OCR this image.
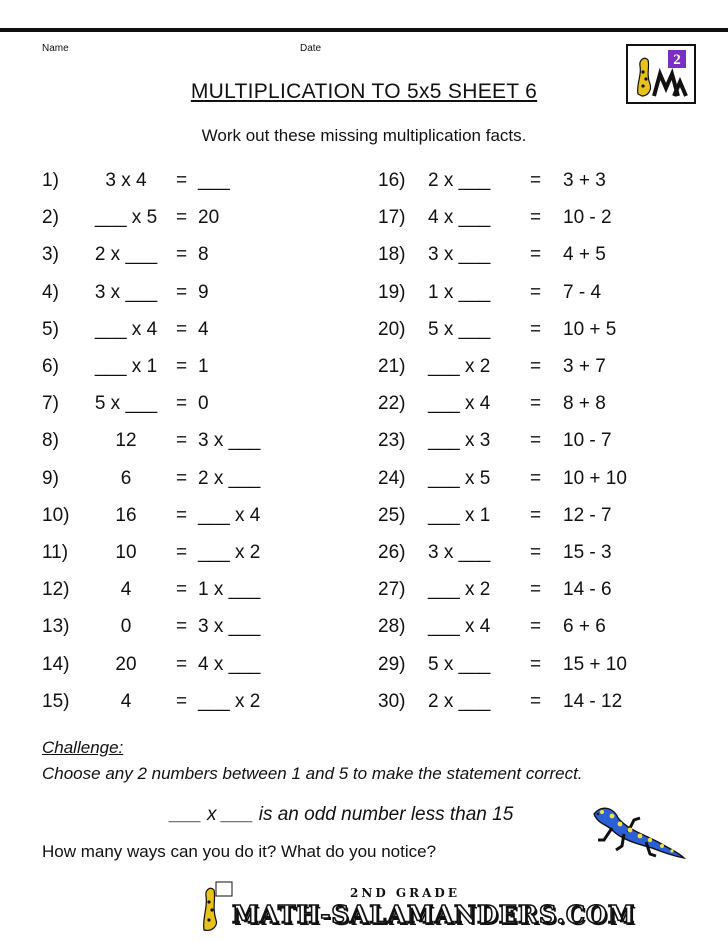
Name	Date
2
MULTIPLICATION TO 5x5 SHEET 6
Work out these missing multiplication facts.
1)	3 x 4	= ___
2) ___ x 5 = 20
3) 2 x ___ = 8
4) 3 x ___ = 9
5) ___ x 4 = 4
6) ___ x 1 = 1
7) 5 x ___ = 0
8)	12	= 3 x ___
9)	6	= 2 x ___
10)	16	= ___ x 4
11)	10	= ___ x 2
12)	4	= 1 x ___
13)	0	= 3 x ___
14)	20	= 4 x ___
15)	4	= ___ x 2
16) 2 x ___ = 3 + 3
17) 4 x ___ = 10 - 2
18) 3 x ___ = 4 + 5
19) 1 x ___ = 7 - 4
20) 5 x ___ = 10 + 5
21) ___ x 2 = 3 + 7
22) ___ x 4 = 8 + 8
23) ___ x 3 = 10 - 7
24) ___ x 5 = 10 + 10
25) ___ x 1 = 12 - 7
26) 3 x ___ = 15 - 3
27) ___ x 2 = 14 - 6
28) ___ x 4 = 6 + 6
29) 5 x ___ = 15 + 10
30) 2 x ___ = 14 - 12
Challenge:
Choose any 2 numbers between 1 and 5 to make the statement correct.
___ x ___ is an odd number less than 15
How many ways can you do it? What do you notice?
2ND GRADE
MATH-SALAMANDERS.COM
